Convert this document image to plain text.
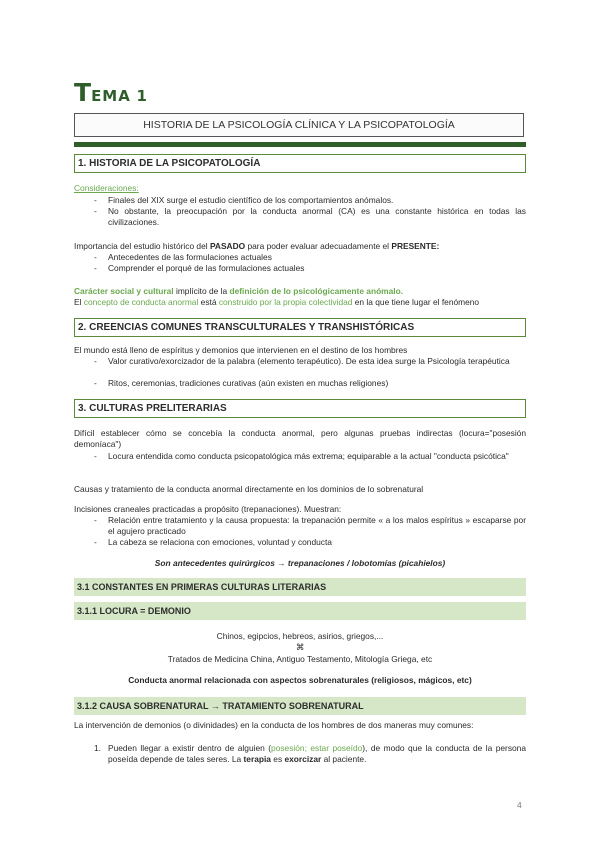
TEMA 1
HISTORIA DE LA PSICOLOGÍA CLÍNICA Y LA PSICOPATOLOGÍA
1. HISTORIA DE LA PSICOPATOLOGÍA
Consideraciones:
- Finales del XIX surge el estudio científico de los comportamientos anómalos.
- No obstante, la preocupación por la conducta anormal (CA) es una constante histórica en todas las civilizaciones.
Importancia del estudio histórico del PASADO para poder evaluar adecuadamente el PRESENTE:
- Antecedentes de las formulaciones actuales
- Comprender el porqué de las formulaciones actuales
Carácter social y cultural implícito de la definición de lo psicológicamente anómalo.
El concepto de conducta anormal está construido por la propia colectividad en la que tiene lugar el fenómeno
2. CREENCIAS COMUNES TRANSCULTURALES Y TRANSHISTÓRICAS
El mundo está lleno de espíritus y demonios que intervienen en el destino de los hombres
- Valor curativo/exorcizador de la palabra (elemento terapéutico). De esta idea surge la Psicología terapéutica
- Ritos, ceremonias, tradiciones curativas (aún existen en muchas religiones)
3. CULTURAS PRELITERARIAS
Difícil establecer cómo se concebía la conducta anormal, pero algunas pruebas indirectas (locura="posesión demoníaca")
- Locura entendida como conducta psicopatológica más extrema; equiparable a la actual "conducta psicótica"
Causas y tratamiento de la conducta anormal directamente en los dominios de lo sobrenatural
Incisiones craneales practicadas a propósito (trepanaciones). Muestran:
- Relación entre tratamiento y la causa propuesta: la trepanación permite « a los malos espíritus » escaparse por el agujero practicado
- La cabeza se relaciona con emociones, voluntad y conducta
Son antecedentes quirúrgicos → trepanaciones / lobotomías (picahielos)
3.1 CONSTANTES EN PRIMERAS CULTURAS LITERARIAS
3.1.1 LOCURA = DEMONIO
Chinos, egipcios, hebreos, asirios, griegos,...
⌘
Tratados de Medicina China, Antiguo Testamento, Mitología Griega, etc
Conducta anormal relacionada con aspectos sobrenaturales (religiosos, mágicos, etc)
3.1.2 CAUSA SOBRENATURAL → TRATAMIENTO SOBRENATURAL
La intervención de demonios (o divinidades) en la conducta de los hombres de dos maneras muy comunes:
1. Pueden llegar a existir dentro de alguien (posesión; estar poseído), de modo que la conducta de la persona poseída depende de tales seres. La terapia es exorcizar al paciente.
4
